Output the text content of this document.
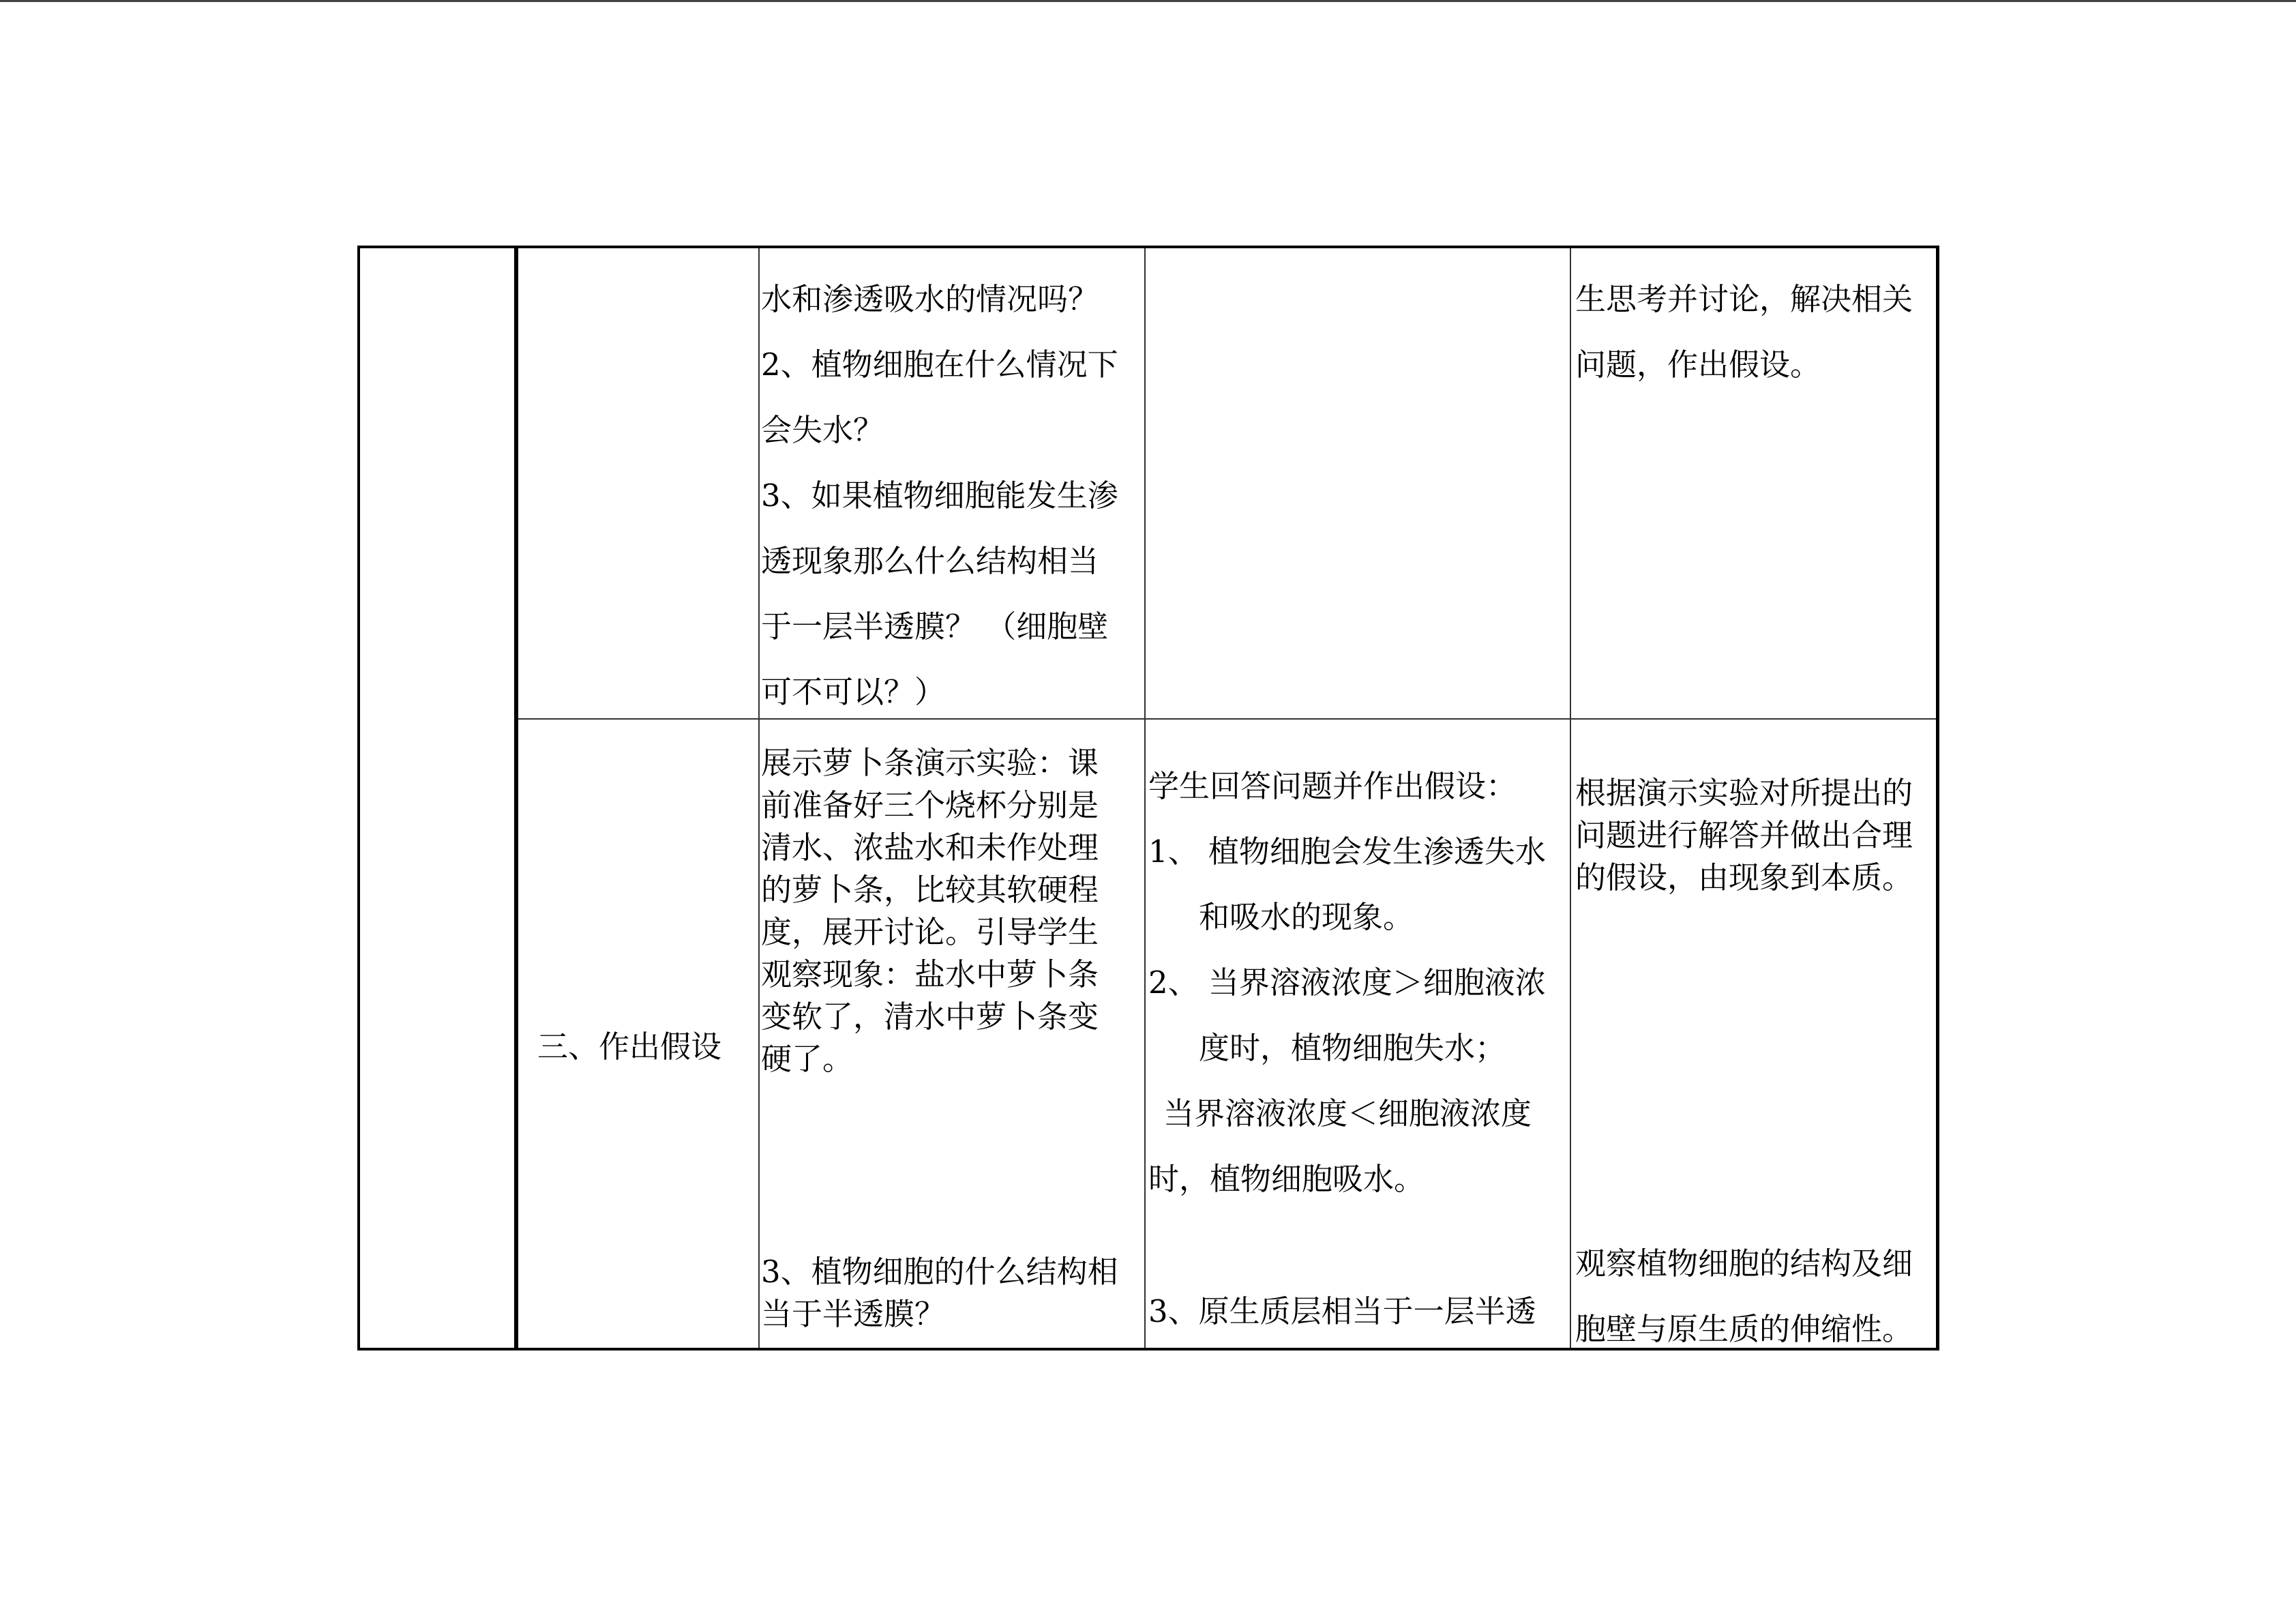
水和渗透吸水的情况吗？

2、植物细胞在什么情况下

会失水？

3、如果植物细胞能发生渗

透现象那么什么结构相当

于一层半透膜？ （细胞壁

可不可以？）

生思考并讨论，解决相关

问题，作出假设。

三、作出假设

展示萝卜条演示实验：课

前准备好三个烧杯分别是

清水、浓盐水和未作处理

的萝卜条，比较其软硬程

度，展开讨论。引导学生

观察现象：盐水中萝卜条

变软了，清水中萝卜条变

硬了。

3、植物细胞的什么结构相

当于半透膜？

学生回答问题并作出假设：

1、 植物细胞会发生渗透失水

和吸水的现象。

2、 当界溶液浓度＞细胞液浓

度时，植物细胞失水；

当界溶液浓度＜细胞液浓度

时，植物细胞吸水。

3、原生质层相当于一层半透

根据演示实验对所提出的

问题进行解答并做出合理

的假设，由现象到本质。

观察植物细胞的结构及细

胞壁与原生质的伸缩性。
